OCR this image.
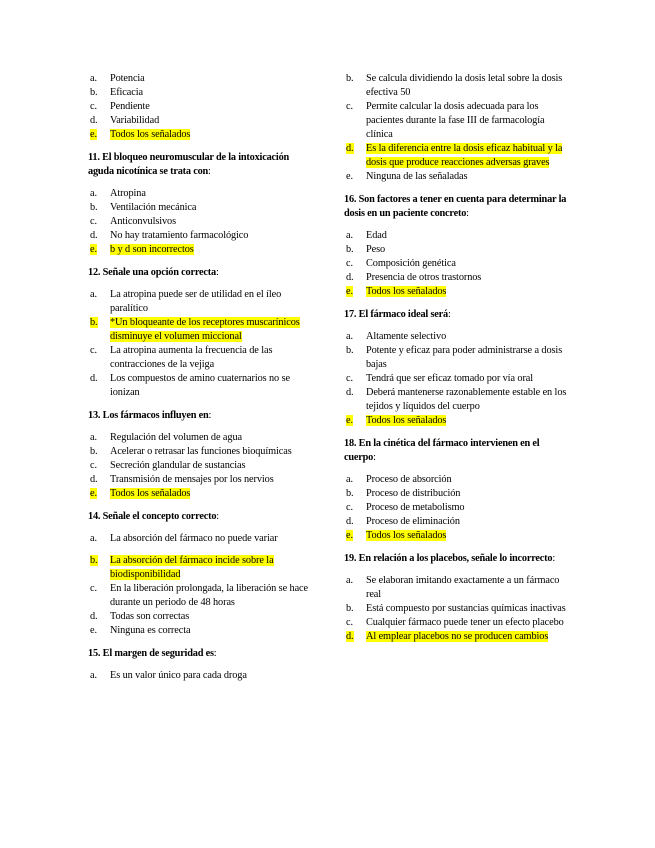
a.	Potencia
b.	Eficacia
c.	Pendiente
d.	Variabilidad
e.	Todos los señalados

11. El bloqueo neuromuscular de la intoxicación aguda nicotínica se trata con:

a.	Atropina
b.	Ventilación mecánica
c.	Anticonvulsivos
d.	No hay tratamiento farmacológico
e.	b y d son incorrectos

12. Señale una opción correcta:

a.	La atropina puede ser de utilidad en el íleo paralítico
b.	*Un bloqueante de los receptores muscarínicos disminuye el volumen miccional
c.	La atropina aumenta la frecuencia de las contracciones de la vejiga
d.	Los compuestos de amino cuaternarios no se ionizan

13. Los fármacos influyen en:

a.	Regulación del volumen de agua
b.	Acelerar o retrasar las funciones bioquímicas
c.	Secreción glandular de sustancias
d.	Transmisión de mensajes por los nervios
e.	Todos los señalados

14. Señale el concepto correcto:

a.	La absorción del fármaco no puede variar
b.	La absorción del fármaco incide sobre la biodisponibilidad
c.	En la liberación prolongada, la liberación se hace durante un periodo de 48 horas
d.	Todas son correctas
e.	Ninguna es correcta

15. El margen de seguridad es:

a.	Es un valor único para cada droga
b.	Se calcula dividiendo la dosis letal sobre la dosis efectiva 50
c.	Permite calcular la dosis adecuada para los pacientes durante la fase III de farmacología clínica
d.	Es la diferencia entre la dosis eficaz habitual y la dosis que produce reacciones adversas graves
e.	Ninguna de las señaladas

16. Son factores a tener en cuenta para determinar la dosis en un paciente concreto:

a.	Edad
b.	Peso
c.	Composición genética
d.	Presencia de otros trastornos
e.	Todos los señalados

17. El fármaco ideal será:

a.	Altamente selectivo
b.	Potente y eficaz para poder administrarse a dosis bajas
c.	Tendrá que ser eficaz tomado por vía oral
d.	Deberá mantenerse razonablemente estable en los tejidos y líquidos del cuerpo
e.	Todos los señalados

18. En la cinética del fármaco intervienen en el cuerpo:

a.	Proceso de absorción
b.	Proceso de distribución
c.	Proceso de metabolismo
d.	Proceso de eliminación
e.	Todos los señalados

19. En relación a los placebos, señale lo incorrecto:

a.	Se elaboran imitando exactamente a un fármaco real
b.	Está compuesto por sustancias químicas inactivas
c.	Cualquier fármaco puede tener un efecto placebo
d.	Al emplear placebos no se producen cambios
